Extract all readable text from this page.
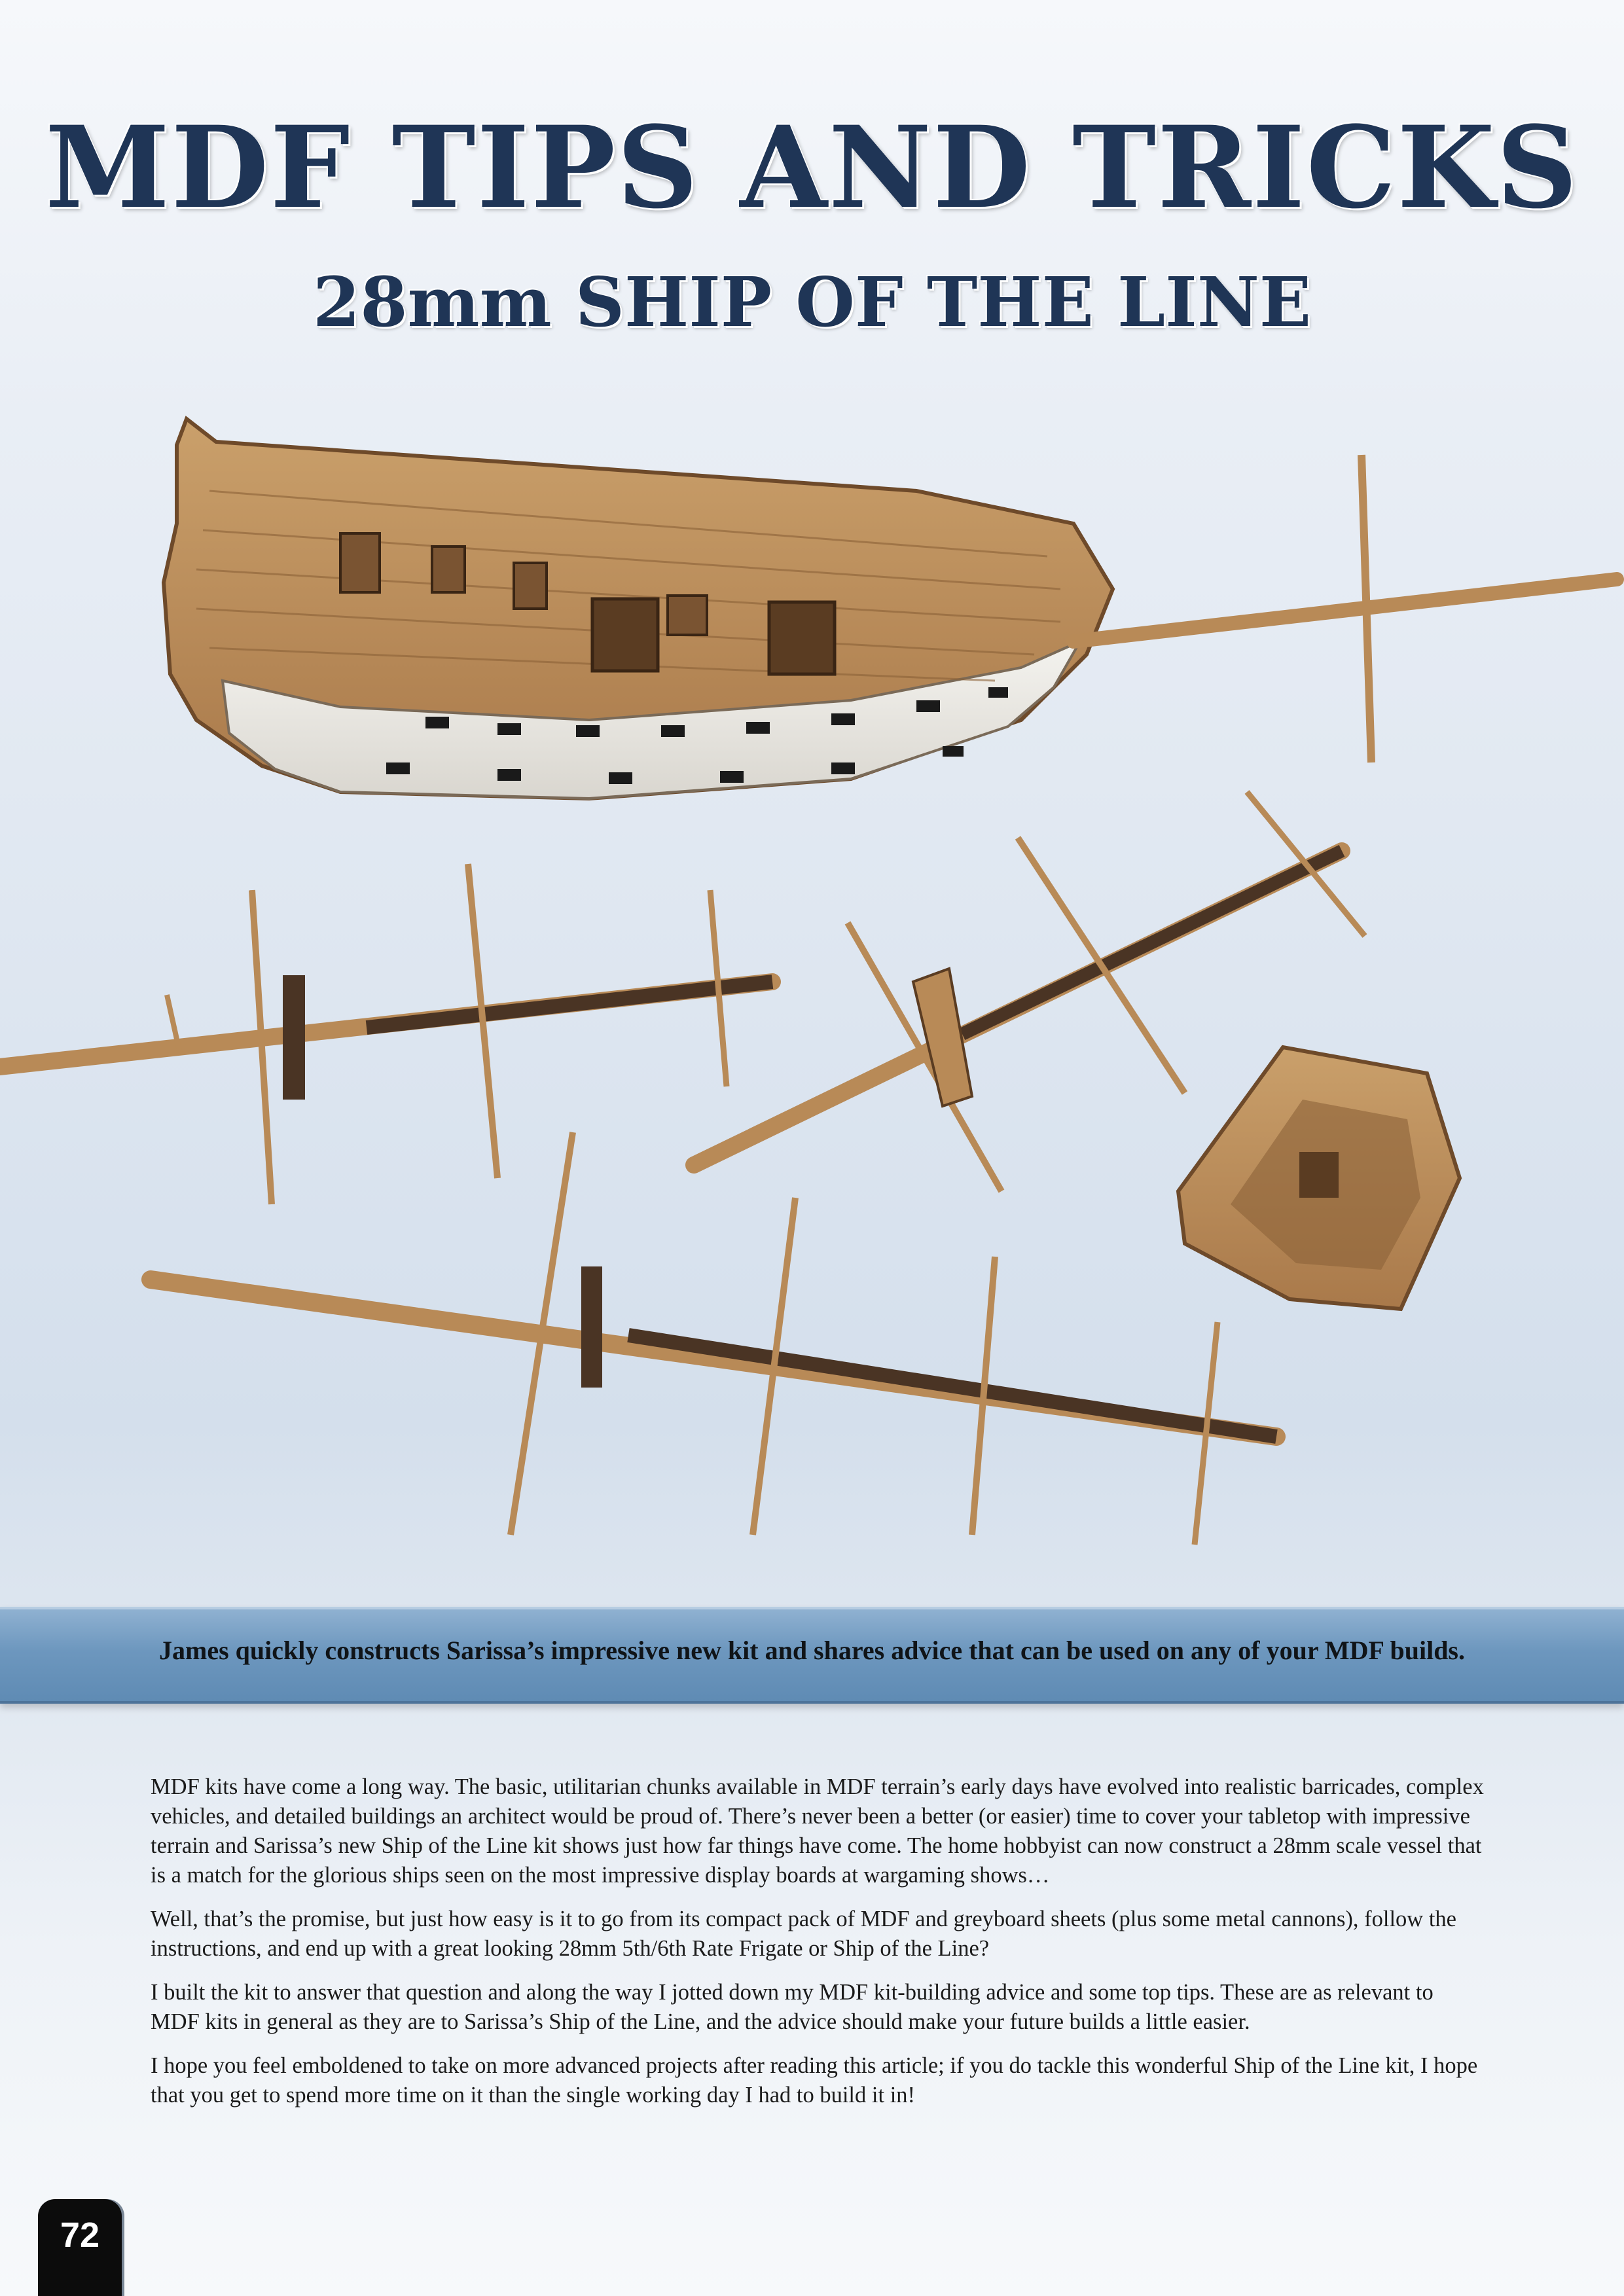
MDF TIPS AND TRICKS
28mm SHIP OF THE LINE
James quickly constructs Sarissa’s impressive new kit and shares advice that can be used on any of your MDF builds.

MDF kits have come a long way. The basic, utilitarian chunks available in MDF terrain’s early days have evolved into realistic barricades, complex vehicles, and detailed buildings an architect would be proud of. There’s never been a better (or easier) time to cover your tabletop with impressive terrain and Sarissa’s new Ship of the Line kit shows just how far things have come. The home hobbyist can now construct a 28mm scale vessel that is a match for the glorious ships seen on the most impressive display boards at wargaming shows…

Well, that’s the promise, but just how easy is it to go from its compact pack of MDF and greyboard sheets (plus some metal cannons), follow the instructions, and end up with a great looking 28mm 5th/6th Rate Frigate or Ship of the Line?

I built the kit to answer that question and along the way I jotted down my MDF kit-building advice and some top tips. These are as relevant to MDF kits in general as they are to Sarissa’s Ship of the Line, and the advice should make your future builds a little easier.

I hope you feel emboldened to take on more advanced projects after reading this article; if you do tackle this wonderful Ship of the Line kit, I hope that you get to spend more time on it than the single working day I had to build it in!

72
